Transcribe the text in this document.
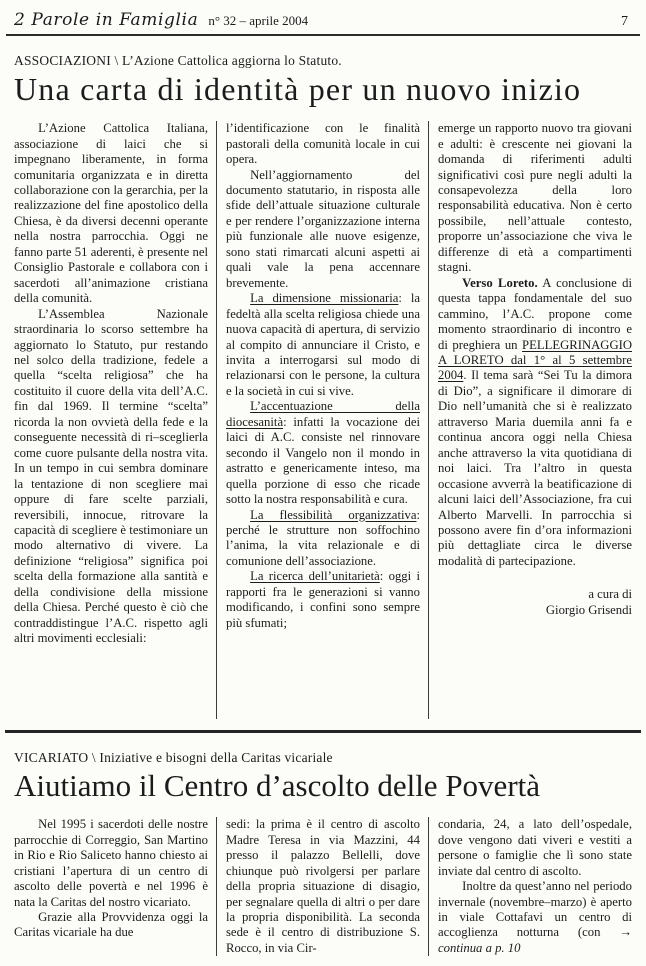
2 Parole in Famiglia n° 32 – aprile 2004	7
ASSOCIAZIONI \ L’Azione Cattolica aggiorna lo Statuto.
Una carta di identità per un nuovo inizio

L’Azione Cattolica Italiana, associazione di laici che si impegnano liberamente, in forma comunitaria organizzata e in diretta collaborazione con la gerarchia, per la realizzazione del fine apostolico della Chiesa, è da diversi decenni operante nella nostra parrocchia. Oggi ne fanno parte 51 aderenti, è presente nel Consiglio Pastorale e collabora con i sacerdoti all’animazione cristiana della comunità.

L’Assemblea Nazionale straordinaria lo scorso settembre ha aggiornato lo Statuto, pur restando nel solco della tradizione, fedele a quella “scelta religiosa” che ha costituito il cuore della vita dell’A.C. fin dal 1969. Il termine “scelta” ricorda la non ovvietà della fede e la conseguente necessità di ri–sceglierla come cuore pulsante della nostra vita. In un tempo in cui sembra dominare la tentazione di non scegliere mai oppure di fare scelte parziali, reversibili, innocue, ritrovare la capacità di scegliere è testimoniare un modo alternativo di vivere. La definizione “religiosa” significa poi scelta della formazione alla santità e della condivisione della missione della Chiesa. Perché questo è ciò che contraddistingue l’A.C. rispetto agli altri movimenti ecclesiali:

l’identificazione con le finalità pastorali della comunità locale in cui opera.

Nell’aggiornamento del documento statutario, in risposta alle sfide dell’attuale situazione culturale e per rendere l’organizzazione interna più funzionale alle nuove esigenze, sono stati rimarcati alcuni aspetti ai quali vale la pena accennare brevemente.

La dimensione missionaria: la fedeltà alla scelta religiosa chiede una nuova capacità di apertura, di servizio al compito di annunciare il Cristo, e invita a interrogarsi sul modo di relazionarsi con le persone, la cultura e la società in cui si vive.

L’accentuazione della diocesanità: infatti la vocazione dei laici di A.C. consiste nel rinnovare secondo il Vangelo non il mondo in astratto e genericamente inteso, ma quella porzione di esso che ricade sotto la nostra responsabilità e cura.

La flessibilità organizzativa: perché le strutture non soffochino l’anima, la vita relazionale e di comunione dell’associazione.

La ricerca dell’unitarietà: oggi i rapporti fra le generazioni si vanno modificando, i confini sono sempre più sfumati;

emerge un rapporto nuovo tra giovani e adulti: è crescente nei giovani la domanda di riferimenti adulti significativi così pure negli adulti la consapevolezza della loro responsabilità educativa. Non è certo possibile, nell’attuale contesto, proporre un’associazione che viva le differenze di età a compartimenti stagni.

Verso Loreto. A conclusione di questa tappa fondamentale del suo cammino, l’A.C. propone come momento straordinario di incontro e di preghiera un PELLEGRINAGGIO A LORETO dal 1° al 5 settembre 2004. Il tema sarà “Sei Tu la dimora di Dio”, a significare il dimorare di Dio nell’umanità che si è realizzato attraverso Maria duemila anni fa e continua ancora oggi nella Chiesa anche attraverso la vita quotidiana di noi laici. Tra l’altro in questa occasione avverrà la beatificazione di alcuni laici dell’Associazione, fra cui Alberto Marvelli. In parrocchia si possono avere fin d’ora informazioni più dettagliate circa le diverse modalità di partecipazione.

a cura di
Giorgio Grisendi
VICARIATO \ Iniziative e bisogni della Caritas vicariale
Aiutiamo il Centro d’ascolto delle Povertà

Nel 1995 i sacerdoti delle nostre parrocchie di Correggio, San Martino in Rio e Rio Saliceto hanno chiesto ai cristiani l’apertura di un centro di ascolto delle povertà e nel 1996 è nata la Caritas del nostro vicariato.

Grazie alla Provvidenza oggi la Caritas vicariale ha due

sedi: la prima è il centro di ascolto Madre Teresa in via Mazzini, 44 presso il palazzo Bellelli, dove chiunque può rivolgersi per parlare della propria situazione di disagio, per segnalare quella di altri o per dare la propria disponibilità. La seconda sede è il centro di distribuzione S. Rocco, in via Cir-

condaria, 24, a lato dell’ospedale, dove vengono dati viveri e vestiti a persone o famiglie che lì sono state inviate dal centro di ascolto.

Inoltre da quest’anno nel periodo invernale (novembre–marzo) è aperto in viale Cottafavi un centro di accoglienza notturna (con → continua a p. 10
